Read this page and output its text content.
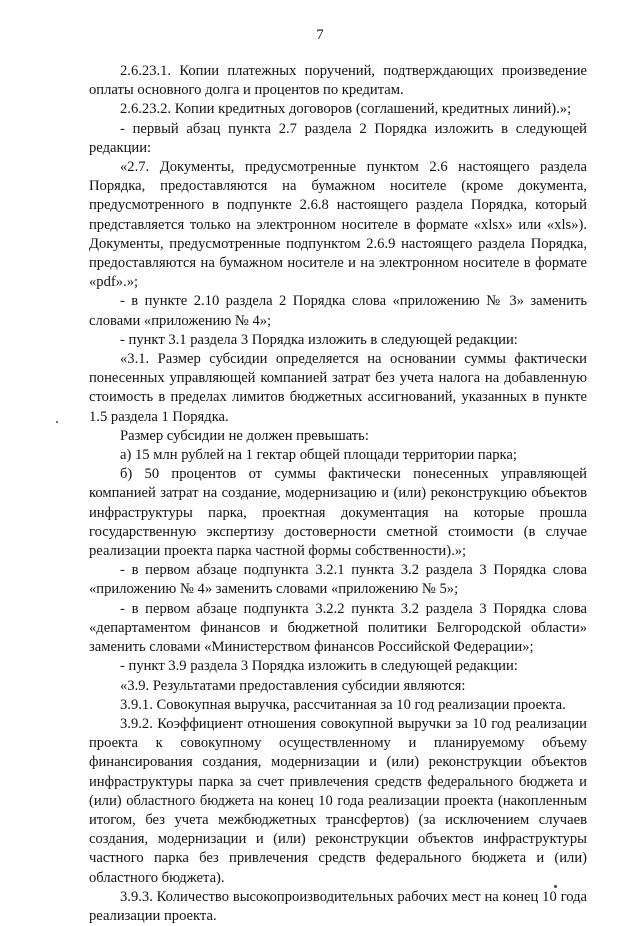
7

2.6.23.1. Копии платежных поручений, подтверждающих произведение оплаты основного долга и процентов по кредитам.

2.6.23.2. Копии кредитных договоров (соглашений, кредитных линий).»;

- первый абзац пункта 2.7 раздела 2 Порядка изложить в следующей редакции:

«2.7. Документы, предусмотренные пунктом 2.6 настоящего раздела Порядка, предоставляются на бумажном носителе (кроме документа, предусмотренного в подпункте 2.6.8 настоящего раздела Порядка, который представляется только на электронном носителе в формате «xlsx» или «xls»). Документы, предусмотренные подпунктом 2.6.9 настоящего раздела Порядка, предоставляются на бумажном носителе и на электронном носителе в формате «pdf».»;

- в пункте 2.10 раздела 2 Порядка слова «приложению № 3» заменить словами «приложению № 4»;

- пункт 3.1 раздела 3 Порядка изложить в следующей редакции:

«3.1. Размер субсидии определяется на основании суммы фактически понесенных управляющей компанией затрат без учета налога на добавленную стоимость в пределах лимитов бюджетных ассигнований, указанных в пункте 1.5 раздела 1 Порядка.

Размер субсидии не должен превышать:

а) 15 млн рублей на 1 гектар общей площади территории парка;

б) 50 процентов от суммы фактически понесенных управляющей компанией затрат на создание, модернизацию и (или) реконструкцию объектов инфраструктуры парка, проектная документация на которые прошла государственную экспертизу достоверности сметной стоимости (в случае реализации проекта парка частной формы собственности).»;

- в первом абзаце подпункта 3.2.1 пункта 3.2 раздела 3 Порядка слова «приложению № 4» заменить словами «приложению № 5»;

- в первом абзаце подпункта 3.2.2 пункта 3.2 раздела 3 Порядка слова «департаментом финансов и бюджетной политики Белгородской области» заменить словами «Министерством финансов Российской Федерации»;

- пункт 3.9 раздела 3 Порядка изложить в следующей редакции:

«3.9. Результатами предоставления субсидии являются:

3.9.1. Совокупная выручка, рассчитанная за 10 год реализации проекта.

3.9.2. Коэффициент отношения совокупной выручки за 10 год реализации проекта к совокупному осуществленному и планируемому объему финансирования создания, модернизации и (или) реконструкции объектов инфраструктуры парка за счет привлечения средств федерального бюджета и (или) областного бюджета на конец 10 года реализации проекта (накопленным итогом, без учета межбюджетных трансфертов) (за исключением случаев создания, модернизации и (или) реконструкции объектов инфраструктуры частного парка без привлечения средств федерального бюджета и (или) областного бюджета).

3.9.3. Количество высокопроизводительных рабочих мест на конец 10 года реализации проекта.
